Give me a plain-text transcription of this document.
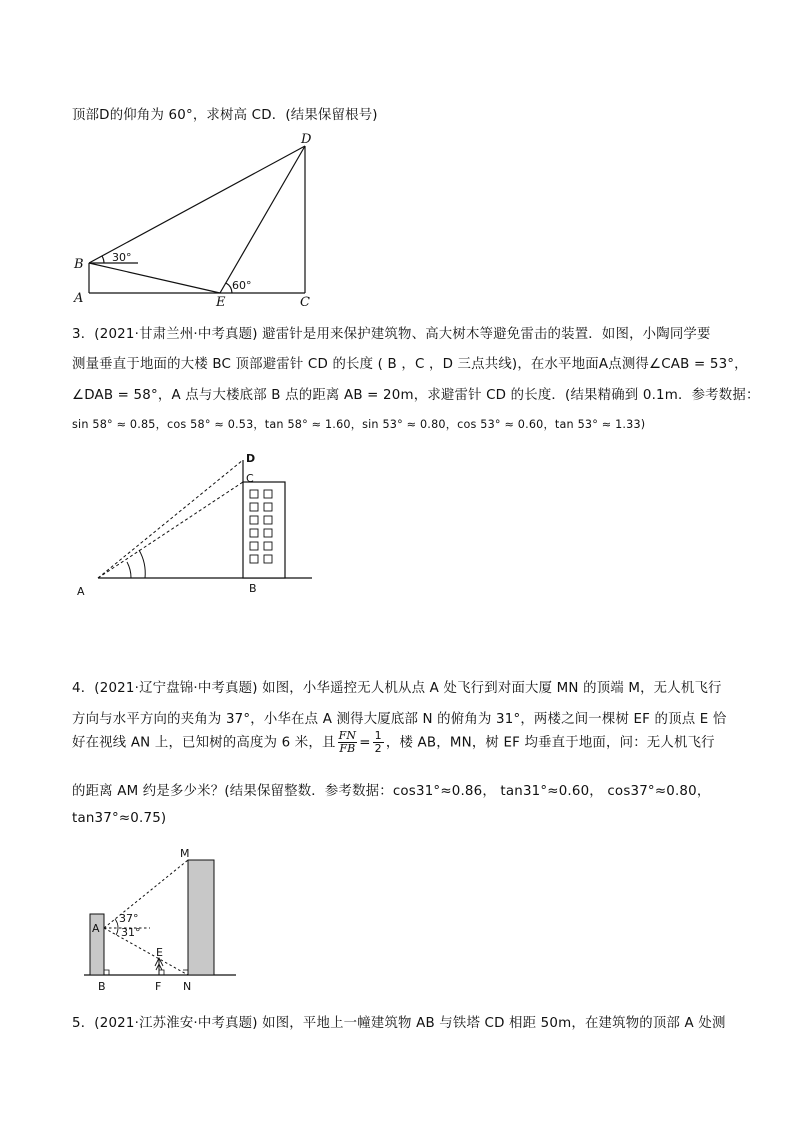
顶部D的仰角为 60°，求树高 CD．(结果保留根号)
D
B
A	E	C
30°
60°
D
C
A	B
M
A
E
B	F N
37°
31°
3．(2021·甘肃兰州·中考真题) 避雷针是用来保护建筑物、高大树木等避免雷击的装置．如图，小陶同学要
测量垂直于地面的大楼 BC 顶部避雷针 CD 的长度 ( B ，C ，D 三点共线)，在水平地面A点测得∠CAB = 53°，
∠DAB = 58°，A 点与大楼底部 B 点的距离 AB = 20m，求避雷针 CD 的长度．(结果精确到 0.1m．参考数据：
sin 58° ≈ 0.85，cos 58° ≈ 0.53，tan 58° ≈ 1.60，sin 53° ≈ 0.80，cos 53° ≈ 0.60，tan 53° ≈ 1.33)
4．(2021·辽宁盘锦·中考真题) 如图，小华遥控无人机从点 A 处飞行到对面大厦 MN 的顶端 M，无人机飞行
方向与水平方向的夹角为 37°，小华在点 A 测得大厦底部 N 的俯角为 31°，两楼之间一棵树 EF 的顶点 E 恰
好在视线 AN 上，已知树的高度为 6 米，且 $\frac{FN}{FB} = \frac{1}{2}$ ，楼 AB，MN，树 EF 均垂直于地面，问：无人机飞行
的距离 AM 约是多少米？(结果保留整数．参考数据：cos31°≈0.86， tan31°≈0.60， cos37°≈0.80，
tan37°≈0.75)
5．(2021·江苏淮安·中考真题) 如图，平地上一幢建筑物 AB 与铁塔 CD 相距 50m，在建筑物的顶部 A 处测
